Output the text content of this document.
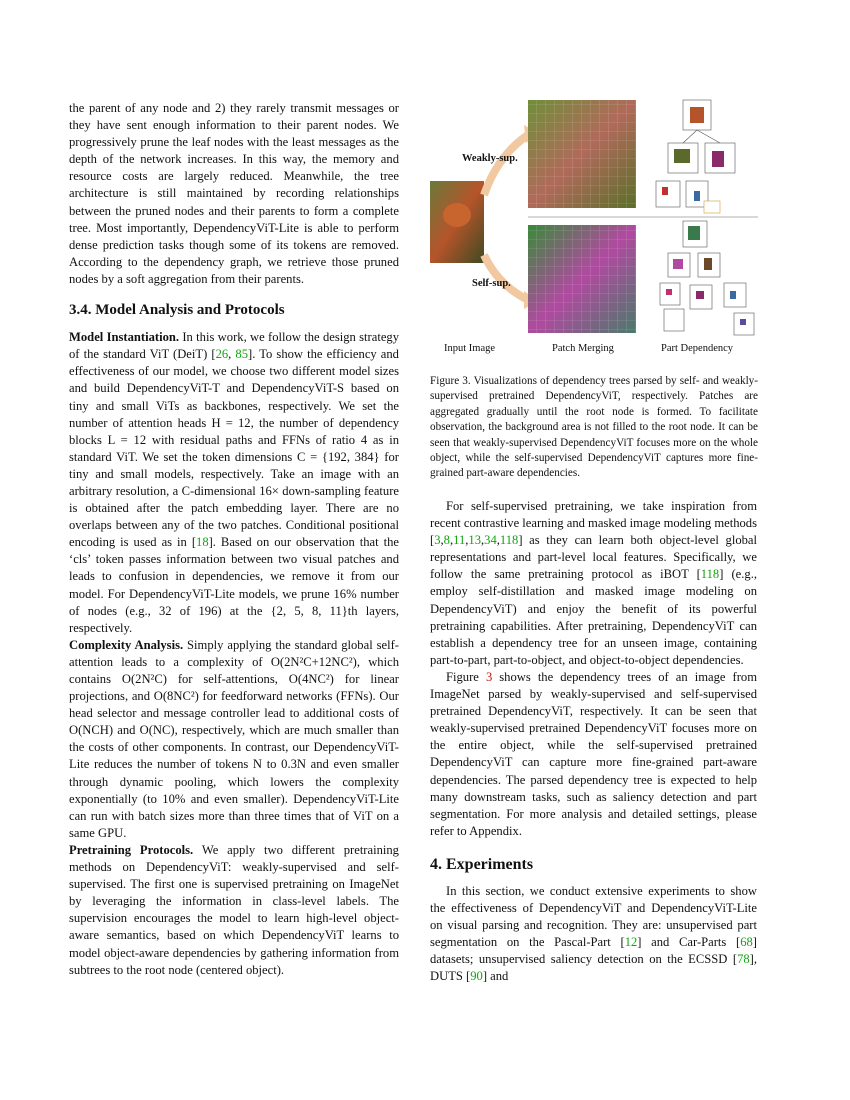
the parent of any node and 2) they rarely transmit messages or they have sent enough information to their parent nodes. We progressively prune the leaf nodes with the least messages as the depth of the network increases. In this way, the memory and resource costs are largely reduced. Meanwhile, the tree architecture is still maintained by recording relationships between the pruned nodes and their parents to form a complete tree. Most importantly, DependencyViT-Lite is able to perform dense prediction tasks though some of its tokens are removed. According to the dependency graph, we retrieve those pruned nodes by a soft aggregation from their parents.

3.4. Model Analysis and Protocols

Model Instantiation. In this work, we follow the design strategy of the standard ViT (DeiT) [26, 85]. To show the efficiency and effectiveness of our model, we choose two different model sizes and build DependencyViT-T and DependencyViT-S based on tiny and small ViTs as backbones, respectively. We set the number of attention heads H = 12, the number of dependency blocks L = 12 with residual paths and FFNs of ratio 4 as in standard ViT. We set the token dimensions C = {192, 384} for tiny and small models, respectively. Take an image with an arbitrary resolution, a C-dimensional 16× down-sampling feature is obtained after the patch embedding layer. There are no overlaps between any of the two patches. Conditional positional encoding is used as in [18]. Based on our observation that the ‘cls’ token passes information between two visual patches and leads to confusion in dependencies, we remove it from our model. For DependencyViT-Lite models, we prune 16% number of nodes (e.g., 32 of 196) at the {2, 5, 8, 11}th layers, respectively.

Complexity Analysis. Simply applying the standard global self-attention leads to a complexity of O(2N²C+12NC²), which contains O(2N²C) for self-attentions, O(4NC²) for linear projections, and O(8NC²) for feedforward networks (FFNs). Our head selector and message controller lead to additional costs of O(NCH) and O(NC), respectively, which are much smaller than the costs of other components. In contrast, our DependencyViT-Lite reduces the number of tokens N to 0.3N and even smaller through dynamic pooling, which lowers the complexity exponentially (to 10% and even smaller). DependencyViT-Lite can run with batch sizes more than three times that of ViT on a same GPU.

Pretraining Protocols. We apply two different pretraining methods on DependencyViT: weakly-supervised and self-supervised. The first one is supervised pretraining on ImageNet by leveraging the information in class-level labels. The supervision encourages the model to learn high-level object-aware semantics, based on which DependencyViT learns to model object-aware dependencies by gathering information from subtrees to the root node (centered object).

Weakly-sup.
Self-sup.
Input Image	Patch Merging	Part Dependency
Figure 3. Visualizations of dependency trees parsed by self- and weakly-supervised pretrained DependencyViT, respectively. Patches are aggregated gradually until the root node is formed. To facilitate observation, the background area is not filled to the root node. It can be seen that weakly-supervised DependencyViT focuses more on the whole object, while the self-supervised DependencyViT captures more fine-grained part-aware dependencies.

For self-supervised pretraining, we take inspiration from recent contrastive learning and masked image modeling methods [3,8,11,13,34,118] as they can learn both object-level global representations and part-level local features. Specifically, we follow the same pretraining protocol as iBOT [118] (e.g., employ self-distillation and masked image modeling on DependencyViT) and enjoy the benefit of its powerful pretraining capabilities. After pretraining, DependencyViT can establish a dependency tree for an unseen image, containing part-to-part, part-to-object, and object-to-object dependencies.

Figure 3 shows the dependency trees of an image from ImageNet parsed by weakly-supervised and self-supervised pretrained DependencyViT, respectively. It can be seen that weakly-supervised pretrained DependencyViT focuses more on the entire object, while the self-supervised pretrained DependencyViT can capture more fine-grained part-aware dependencies. The parsed dependency tree is expected to help many downstream tasks, such as saliency detection and part segmentation. For more analysis and detailed settings, please refer to Appendix.

4. Experiments

In this section, we conduct extensive experiments to show the effectiveness of DependencyViT and DependencyViT-Lite on visual parsing and recognition. They are: unsupervised part segmentation on the Pascal-Part [12] and Car-Parts [68] datasets; unsupervised saliency detection on the ECSSD [78], DUTS [90] and
